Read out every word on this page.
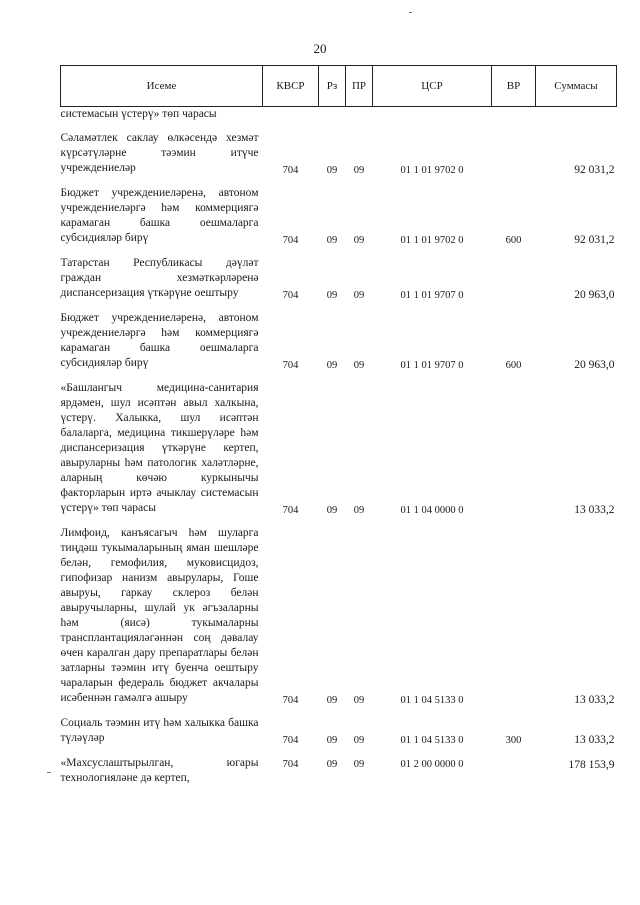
20
Исеме	КВСР	Рз	ПР	ЦСР	ВР	Суммасы
системасын үстерү» төп чарасы						

Сәламәтлек саклау өлкәсендә хезмәт күрсәтүләрне тәэмин итүче учреждениеләр	704	09	09	01 1 01 9702 0		92 031,2

Бюджет учреждениеләренә, автоном учреждениеләргә һәм коммерциягә карамаган башка оешмаларга субсидияләр бирү	704	09	09	01 1 01 9702 0	600	92 031,2

Татарстан Республикасы дәүләт граждан хезмәткәрләренә диспансеризация үткәрүне оештыру	704	09	09	01 1 01 9707 0		20 963,0

Бюджет учреждениеләренә, автоном учреждениеләргә һәм коммерциягә карамаган башка оешмаларга субсидияләр бирү	704	09	09	01 1 01 9707 0	600	20 963,0

«Башлангыч медицина-санитария ярдәмен, шул исәптән авыл халкына, үстерү. Халыкка, шул исәптән балаларга, медицина тикшерүләре һәм диспансеризация үткәрүне кертеп, авыруларны һәм патологик халәтләрне, аларның көчәю куркынычы факторларын иртә ачыклау системасын үстерү» төп чарасы	704	09	09	01 1 04 0000 0		13 033,2

Лимфоид, канъясагыч һәм шуларга тиңдәш тукымаларының яман шешләре белән, гемофилия, муковисцидоз, гипофизар нанизм авырулары, Гоше авыруы, гаркау склероз белән авыручыларны, шулай ук әгъзаларны һәм (яисә) тукымаларны трансплантацияләгәннән соң дәвалау өчен каралган дару препаратлары белән затларны тәэмин итү буенча оештыру чараларын федераль бюджет акчалары исәбеннән гамәлгә ашыру	704	09	09	01 1 04 5133 0		13 033,2

Социаль тәэмин итү һәм халыкка башка түләүләр	704	09	09	01 1 04 5133 0	300	13 033,2

«Махсуслаштырылган, югары технологияләне дә кертеп,	704	09	09	01 2 00 0000 0		178 153,9
